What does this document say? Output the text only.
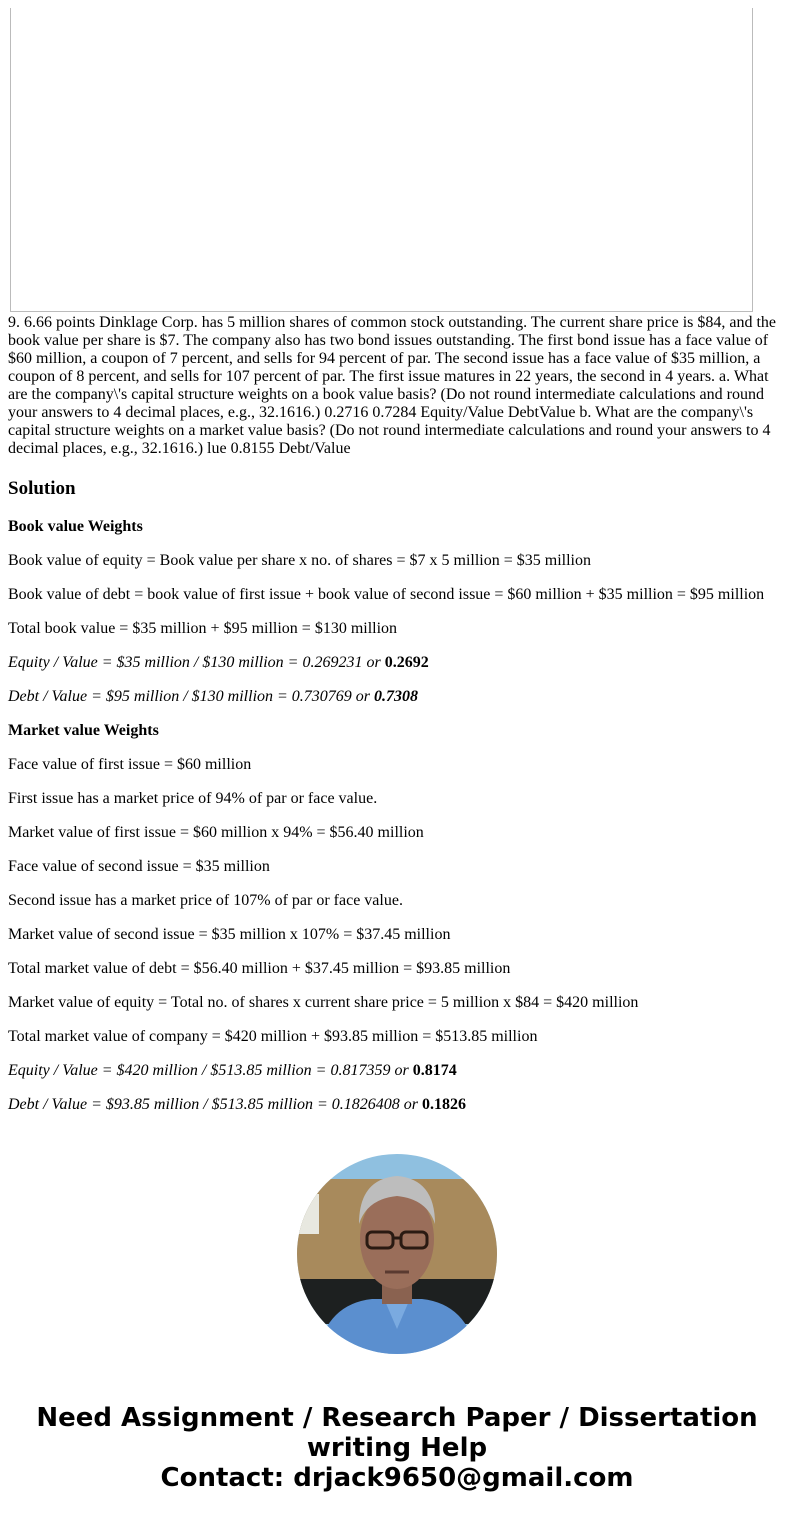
9. 6.66 points Dinklage Corp. has 5 million shares of common stock outstanding. The current share price is $84, and the book value per share is $7. The company also has two bond issues outstanding. The first bond issue has a face value of $60 million, a coupon of 7 percent, and sells for 94 percent of par. The second issue has a face value of $35 million, a coupon of 8 percent, and sells for 107 percent of par. The first issue matures in 22 years, the second in 4 years. a. What are the company\'s capital structure weights on a book value basis? (Do not round intermediate calculations and round your answers to 4 decimal places, e.g., 32.1616.) 0.2716 0.7284 Equity/Value DebtValue b. What are the company\'s capital structure weights on a market value basis? (Do not round intermediate calculations and round your answers to 4 decimal places, e.g., 32.1616.) lue 0.8155 Debt/Value
Solution

Book value Weights

Book value of equity = Book value per share x no. of shares = $7 x 5 million = $35 million

Book value of debt = book value of first issue + book value of second issue = $60 million + $35 million = $95 million

Total book value = $35 million + $95 million = $130 million

Equity / Value = $35 million / $130 million = 0.269231 or 0.2692

Debt / Value = $95 million / $130 million = 0.730769 or 0.7308

Market value Weights

Face value of first issue = $60 million

First issue has a market price of 94% of par or face value.

Market value of first issue = $60 million x 94% = $56.40 million

Face value of second issue = $35 million

Second issue has a market price of 107% of par or face value.

Market value of second issue = $35 million x 107% = $37.45 million

Total market value of debt = $56.40 million + $37.45 million = $93.85 million

Market value of equity = Total no. of shares x current share price = 5 million x $84 = $420 million

Total market value of company = $420 million + $93.85 million = $513.85 million

Equity / Value = $420 million / $513.85 million = 0.817359 or 0.8174

Debt / Value = $93.85 million / $513.85 million = 0.1826408 or 0.1826

Need Assignment / Research Paper / Dissertation writing Help
Contact: drjack9650@gmail.com
